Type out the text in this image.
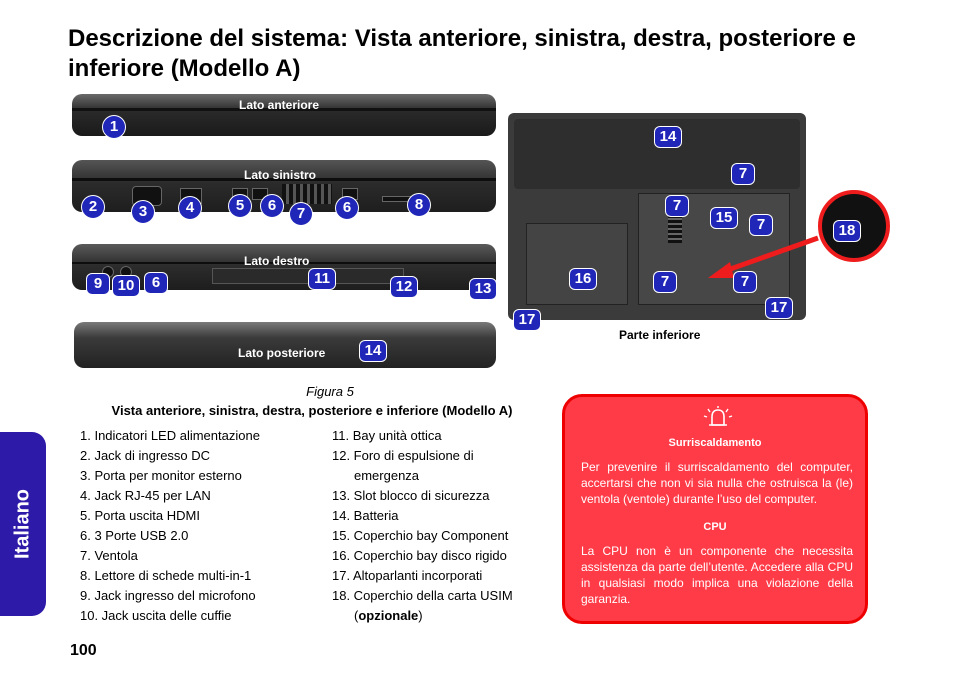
Descrizione del sistema: Vista anteriore, sinistra, destra, posteriore e inferiore (Modello A)
Italiano
Lato anteriore
Lato sinistro
Lato destro
Lato posteriore
Parte inferiore
1
2	3	4	5	6	7	6	8
9	10	6	11	12	13
14
14
7
7
15	7	18
16	7	7
17
17
Figura 5
Vista anteriore, sinistra, destra, posteriore e inferiore (Modello A)
1. Indicatori LED alimentazione
2. Jack di ingresso DC
3. Porta per monitor esterno
4. Jack RJ-45 per LAN
5. Porta uscita HDMI
6. 3 Porte USB 2.0
7. Ventola
8. Lettore di schede multi-in-1
9. Jack ingresso del microfono
10. Jack uscita delle cuffie
11. Bay unità ottica
12. Foro di espulsione di
emergenza
13. Slot blocco di sicurezza
14. Batteria
15. Coperchio bay Component
16. Coperchio bay disco rigido
17. Altoparlanti incorporati
18. Coperchio della carta USIM
(opzionale)
Surriscaldamento

Per prevenire il surriscaldamento del computer, accertarsi che non vi sia nulla che ostruisca la (le) ventola (ventole) durante l’uso del computer.

CPU

La CPU non è un componente che necessita assistenza da parte dell’utente. Accedere alla CPU in qualsiasi modo implica una violazione della garanzia.

100
